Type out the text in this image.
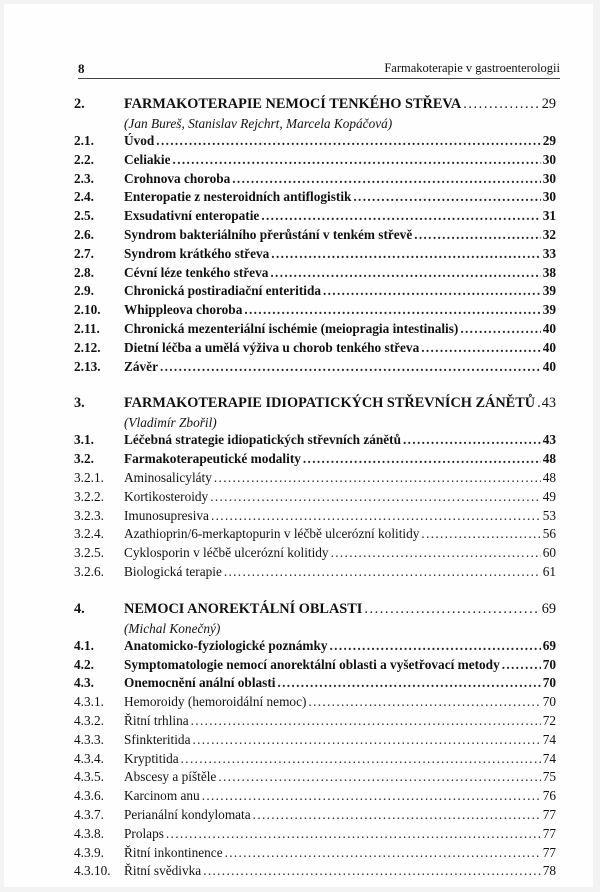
8	Farmakoterapie v gastroenterologii
2.	FARMAKOTERAPIE NEMOCÍ TENKÉHO STŘEVA . . .	29
(Jan Bureš, Stanislav Rejchrt, Marcela Kopáčová)
2.1.	Úvod . . .	29
2.2.	Celiakie . . .	30
2.3.	Crohnova choroba . . .	30
2.4.	Enteropatie z nesteroidních antiflogistik . . .	30
2.5.	Exsudativní enteropatie . . .	31
2.6.	Syndrom bakteriálního přerůstání v tenkém střevě . . .	32
2.7.	Syndrom krátkého střeva . . .	33
2.8.	Cévní léze tenkého střeva . . .	38
2.9.	Chronická postiradiační enteritida . . .	39
2.10.	Whippleova choroba . . .	39
2.11.	Chronická mezenteriální ischémie (meiopragia intestinalis) . . .	40
2.12.	Dietní léčba a umělá výživa u chorob tenkého střeva . . .	40
2.13.	Závěr . . .	40
3.	FARMAKOTERAPIE IDIOPATICKÝCH STŘEVNÍCH ZÁNĚTŮ . . . 43
(Vladimír Zbořil)
3.1.	Léčebná strategie idiopatických střevních zánětů . . .	43
3.2.	Farmakoterapeutické modality . . .	48
3.2.1.	Aminosalicyláty . . .	48
3.2.2.	Kortikosteroidy . . .	49
3.2.3.	Imunosupresiva . . .	53
3.2.4.	Azathioprin/6-merkaptopurin v léčbě ulcerózní kolitidy . . .	56
3.2.5.	Cyklosporin v léčbě ulcerózní kolitidy . . .	60
3.2.6.	Biologická terapie . . .	61
4.	NEMOCI ANOREKTÁLNÍ OBLASTI . . .	69
(Michal Konečný)
4.1.	Anatomicko-fyziologické poznámky . . .	69
4.2.	Symptomatologie nemocí anorektální oblasti a vyšetřovací metody . . .	70
4.3.	Onemocnění anální oblasti . . .	70
4.3.1.	Hemoroidy (hemoroidální nemoc) . . .	70
4.3.2.	Řitní trhlina . . .	72
4.3.3.	Sfinkteritida . . .	74
4.3.4.	Kryptitida . . .	74
4.3.5.	Abscesy a píštěle . . .	75
4.3.6.	Karcinom anu . . .	76
4.3.7.	Perianální kondylomata . . .	77
4.3.8.	Prolaps . . .	77
4.3.9.	Řitní inkontinence . . .	77
4.3.10.	Řitní svědivka . . .	78
